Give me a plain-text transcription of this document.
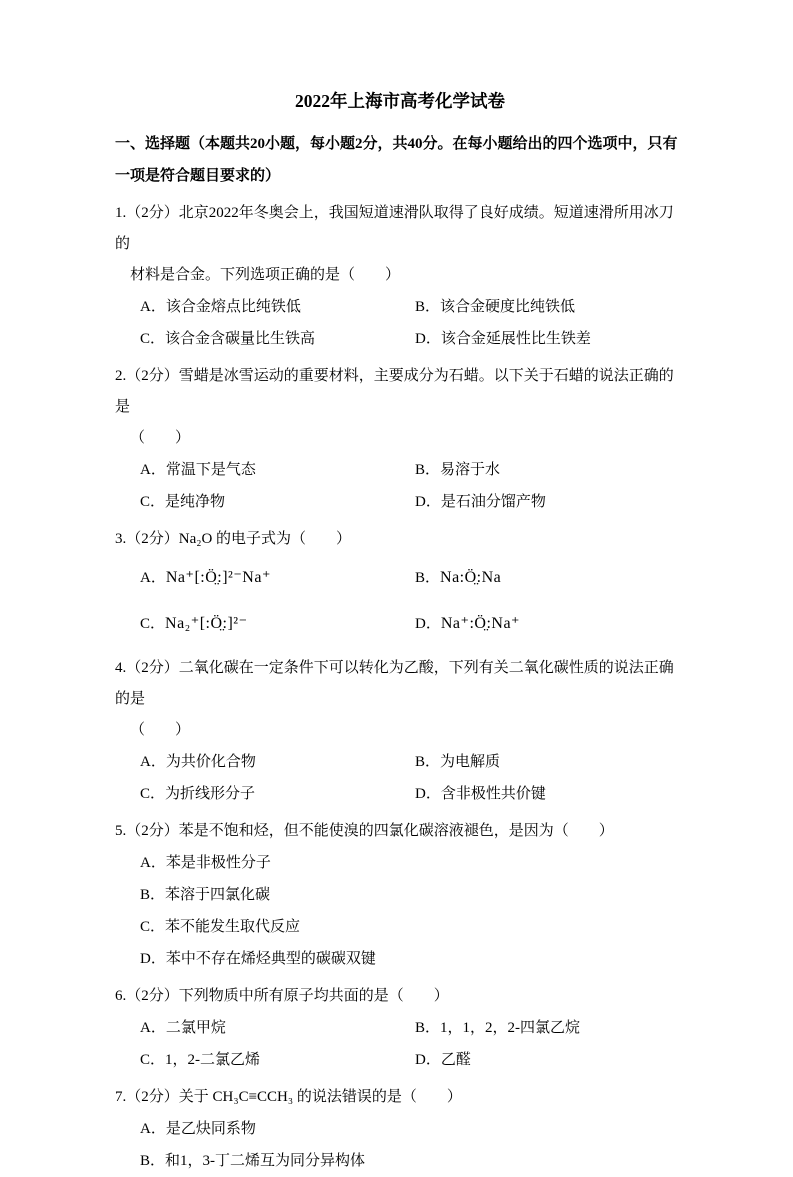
2022年上海市高考化学试卷
一、选择题（本题共20小题，每小题2分，共40分。在每小题给出的四个选项中，只有
一项是符合题目要求的）
1.（2分）北京2022年冬奥会上，我国短道速滑队取得了良好成绩。短道速滑所用冰刀的
材料是合金。下列选项正确的是（　　）
A．该合金熔点比纯铁低	B．该合金硬度比纯铁低
C．该合金含碳量比生铁高	D．该合金延展性比生铁差
2.（2分）雪蜡是冰雪运动的重要材料，主要成分为石蜡。以下关于石蜡的说法正确的是
（　　）
A．常温下是气态	B．易溶于水
C．是纯净物	D．是石油分馏产物
3.（2分）Na₂O 的电子式为（　　）
A．Na⁺[:Ö̤:]²⁻Na⁺	B．Na:Ö̤:Na
C．Na₂⁺[:Ö̤:]²⁻	D．Na⁺:Ö̤:Na⁺
4.（2分）二氧化碳在一定条件下可以转化为乙酸，下列有关二氧化碳性质的说法正确的是
（　　）
A．为共价化合物	B．为电解质
C．为折线形分子	D．含非极性共价键
5.（2分）苯是不饱和烃，但不能使溴的四氯化碳溶液褪色，是因为（　　）
A．苯是非极性分子
B．苯溶于四氯化碳
C．苯不能发生取代反应
D．苯中不存在烯烃典型的碳碳双键
6.（2分）下列物质中所有原子均共面的是（　　）
A．二氯甲烷	B．1，1，2，2-四氯乙烷
C．1，2-二氯乙烯	D．乙醛
7.（2分）关于 CH₃C≡CCH₃ 的说法错误的是（　　）
A．是乙炔同系物
B．和1，3-丁二烯互为同分异构体
